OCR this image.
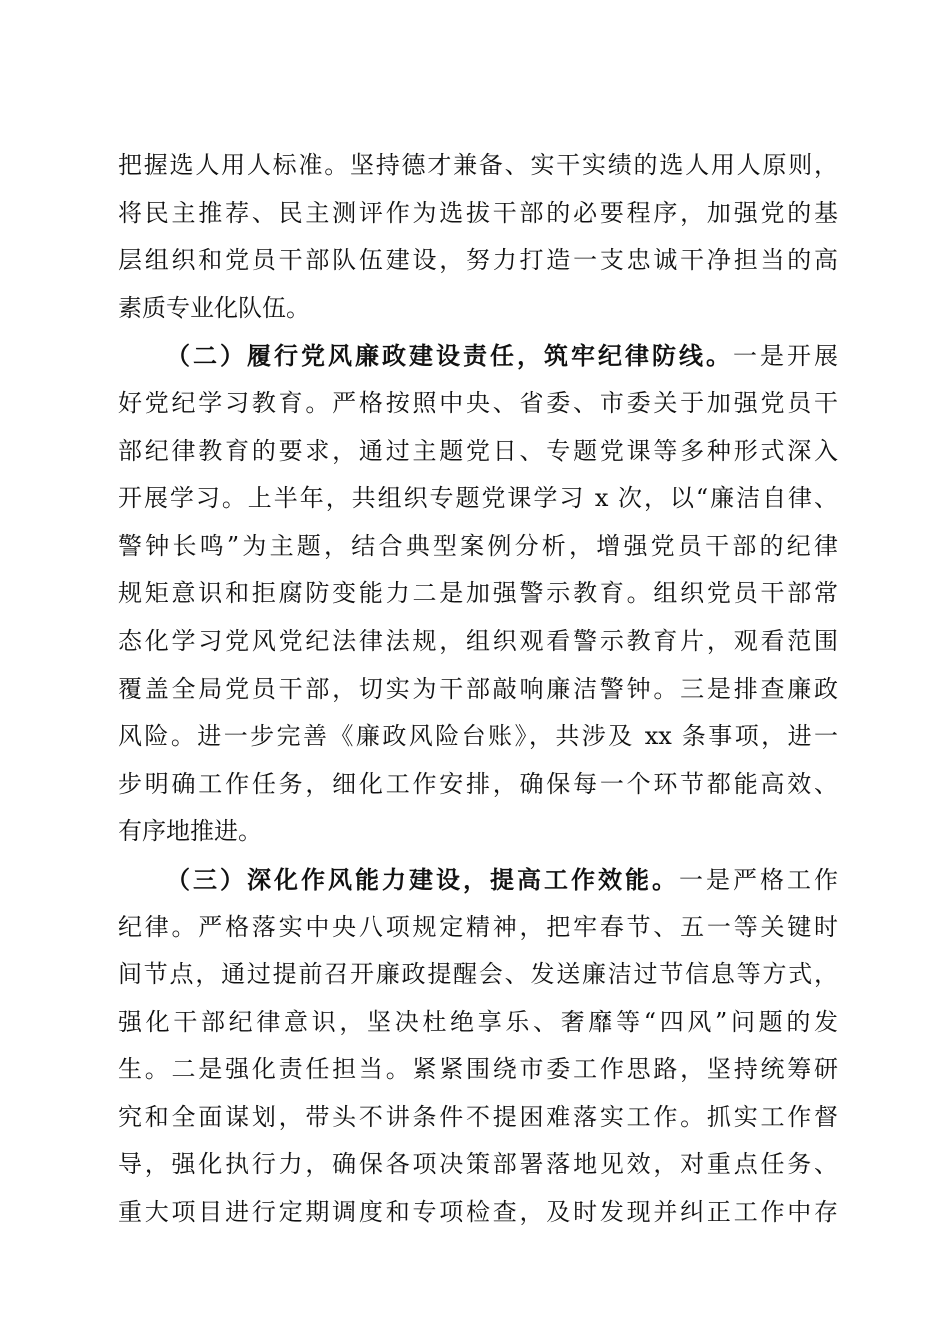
把握选人用人标准。坚持德才兼备、实干实绩的选人用人原则，
将民主推荐、民主测评作为选拔干部的必要程序，加强党的基
层组织和党员干部队伍建设，努力打造一支忠诚干净担当的高
素质专业化队伍。
（二）履行党风廉政建设责任，筑牢纪律防线。一是开展
好党纪学习教育。严格按照中央、省委、市委关于加强党员干
部纪律教育的要求，通过主题党日、专题党课等多种形式深入
开展学习。上半年，共组织专题党课学习 x 次，以“廉洁自律、
警钟长鸣”为主题，结合典型案例分析，增强党员干部的纪律
规矩意识和拒腐防变能力二是加强警示教育。组织党员干部常
态化学习党风党纪法律法规，组织观看警示教育片，观看范围
覆盖全局党员干部，切实为干部敲响廉洁警钟。三是排查廉政
风险。进一步完善《廉政风险台账》，共涉及 xx 条事项，进一
步明确工作任务，细化工作安排，确保每一个环节都能高效、
有序地推进。
（三）深化作风能力建设，提高工作效能。一是严格工作
纪律。严格落实中央八项规定精神，把牢春节、五一等关键时
间节点，通过提前召开廉政提醒会、发送廉洁过节信息等方式，
强化干部纪律意识，坚决杜绝享乐、奢靡等“四风”问题的发
生。二是强化责任担当。紧紧围绕市委工作思路，坚持统筹研
究和全面谋划，带头不讲条件不提困难落实工作。抓实工作督
导，强化执行力，确保各项决策部署落地见效，对重点任务、
重大项目进行定期调度和专项检查，及时发现并纠正工作中存
